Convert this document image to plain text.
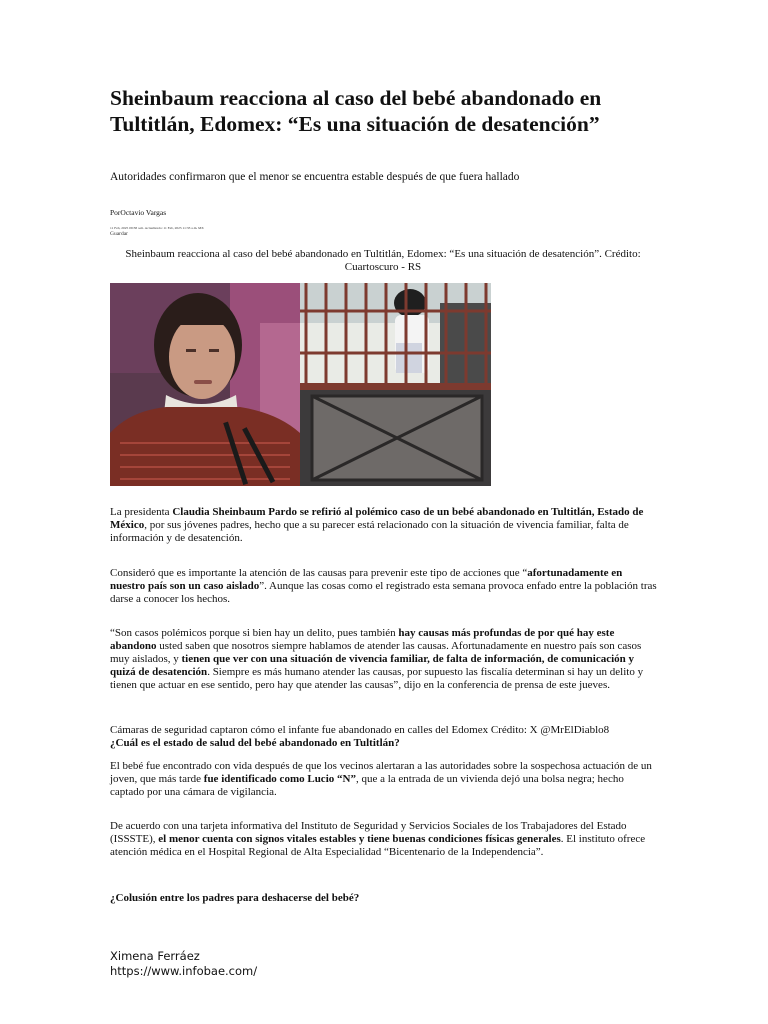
Sheinbaum reacciona al caso del bebé abandonado en Tultitlán, Edomex: “Es una situación de desatención”

Autoridades confirmaron que el menor se encuentra estable después de que fuera hallado

PorOctavio Vargas
11 Feb, 2025 09:38 a.m. Actualizado: 11 Feb, 2025 11:33 a.m. MX
Guardar
Sheinbaum reacciona al caso del bebé abandonado en Tultitlán, Edomex: “Es una situación de desatención”. Crédito: Cuartoscuro - RS

La presidenta Claudia Sheinbaum Pardo se refirió al polémico caso de un bebé abandonado en Tultitlán, Estado de México, por sus jóvenes padres, hecho que a su parecer está relacionado con la situación de vivencia familiar, falta de información y de desatención.

Consideró que es importante la atención de las causas para prevenir este tipo de acciones que “afortunadamente en nuestro país son un caso aislado”. Aunque las cosas como el registrado esta semana provoca enfado entre la población tras darse a conocer los hechos.

“Son casos polémicos porque si bien hay un delito, pues también hay causas más profundas de por qué hay este abandono usted saben que nosotros siempre hablamos de atender las causas. Afortunadamente en nuestro país son casos muy aislados, y tienen que ver con una situación de vivencia familiar, de falta de información, de comunicación y quizá de desatención. Siempre es más humano atender las causas, por supuesto las fiscalía determinan si hay un delito y tienen que actuar en ese sentido, pero hay que atender las causas”, dijo en la conferencia de prensa de este jueves.

Cámaras de seguridad captaron cómo el infante fue abandonado en calles del Edomex Crédito: X @MrElDiablo8

¿Cuál es el estado de salud del bebé abandonado en Tultitlán?

El bebé fue encontrado con vida después de que los vecinos alertaran a las autoridades sobre la sospechosa actuación de un joven, que más tarde fue identificado como Lucio “N”, que a la entrada de un vivienda dejó una bolsa negra; hecho captado por una cámara de vigilancia.

De acuerdo con una tarjeta informativa del Instituto de Seguridad y Servicios Sociales de los Trabajadores del Estado (ISSSTE), el menor cuenta con signos vitales estables y tiene buenas condiciones físicas generales. El instituto ofrece atención médica en el Hospital Regional de Alta Especialidad “Bicentenario de la Independencia”.

¿Colusión entre los padres para deshacerse del bebé?

Ximena Ferráez
https://www.infobae.com/
